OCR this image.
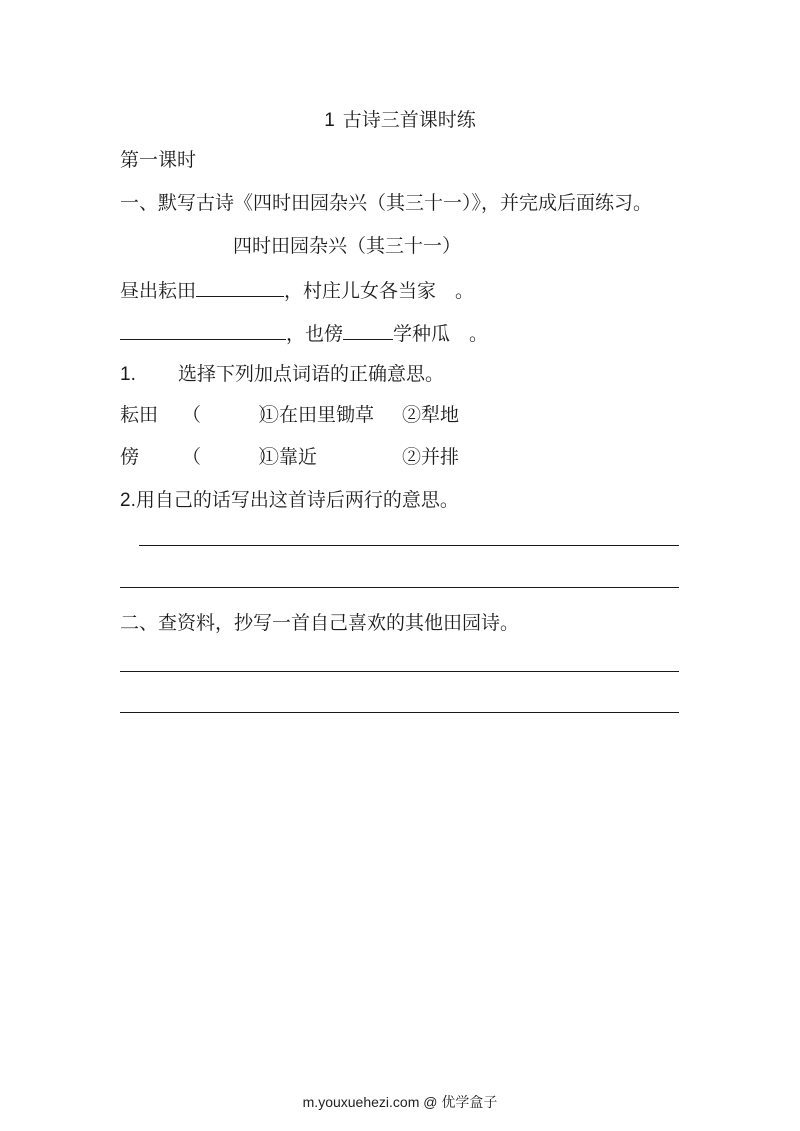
1 古诗三首课时练
第一课时
一、默写古诗《四时田园杂兴（其三十一）》，并完成后面练习。
四时田园杂兴（其三十一）
昼出耘田	，村庄儿女各当家　。
，也傍	学种瓜　。
1. 选择下列加点词语的正确意思。
耘田 （　　　）
①在田里锄草 ②犁地
傍 （　　　）
①靠近	②并排
2.用自己的话写出这首诗后两行的意思。
二、查资料，抄写一首自己喜欢的其他田园诗。
m.youxuehezi.com @ 优学盒子
